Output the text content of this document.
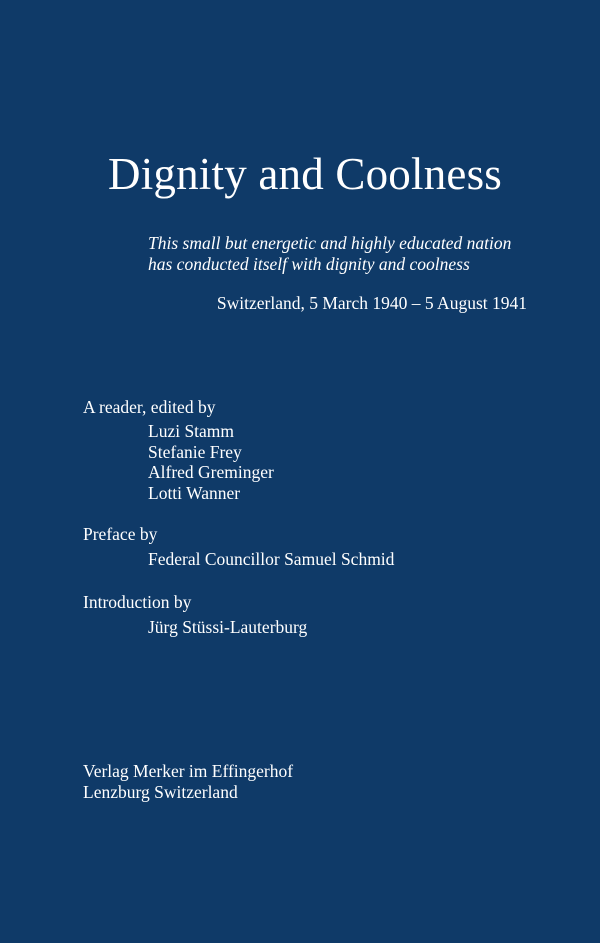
Dignity and Coolness

This small but energetic and highly educated nation
has conducted itself with dignity and coolness

Switzerland, 5 March 1940 – 5 August 1941
A reader, edited by
Luzi Stamm
Stefanie Frey
Alfred Greminger
Lotti Wanner
Preface by
Federal Councillor Samuel Schmid
Introduction by
Jürg Stüssi-Lauterburg
Verlag Merker im Effingerhof
Lenzburg Switzerland
